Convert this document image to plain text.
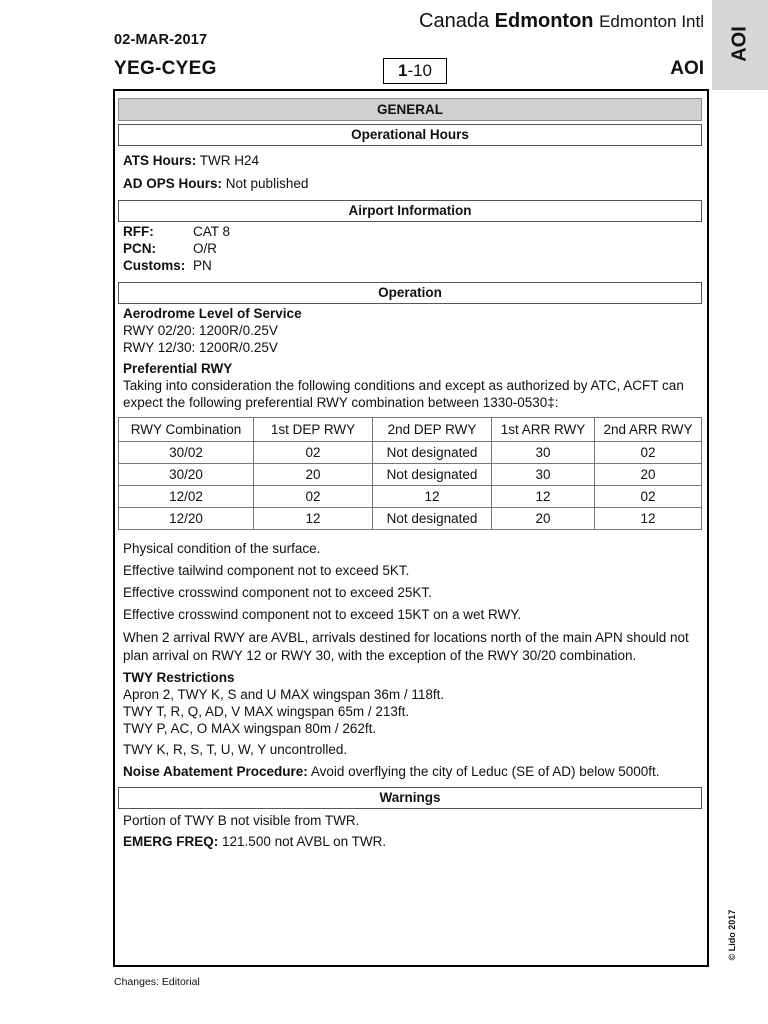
02-MAR-2017
YEG-CYEG
Canada Edmonton Edmonton Intl
1-10	AOI
AOI
© Lido 2017
GENERAL
Operational Hours
ATS Hours: TWR H24
AD OPS Hours: Not published
Airport Information
RFF:	CAT 8
PCN:	O/R
Customs: PN
Operation
Aerodrome Level of Service
RWY 02/20: 1200R/0.25V
RWY 12/30: 1200R/0.25V
Preferential RWY
Taking into consideration the following conditions and except as authorized by ATC, ACFT can expect the following preferential RWY combination between 1330-0530‡:
RWY Combination	1st DEP RWY	2nd DEP RWY	1st ARR RWY	2nd ARR RWY
30/02	02	Not designated	30	02
30/20	20	Not designated	30	20
12/02	02	12	12	02
12/20	12	Not designated	20	12
Physical condition of the surface.
Effective tailwind component not to exceed 5KT.
Effective crosswind component not to exceed 25KT.
Effective crosswind component not to exceed 15KT on a wet RWY.
When 2 arrival RWY are AVBL, arrivals destined for locations north of the main APN should not plan arrival on RWY 12 or RWY 30, with the exception of the RWY 30/20 combination.
TWY Restrictions
Apron 2, TWY K, S and U MAX wingspan 36m / 118ft.
TWY T, R, Q, AD, V MAX wingspan 65m / 213ft.
TWY P, AC, O MAX wingspan 80m / 262ft.
TWY K, R, S, T, U, W, Y uncontrolled.
Noise Abatement Procedure: Avoid overflying the city of Leduc (SE of AD) below 5000ft.
Warnings
Portion of TWY B not visible from TWR.
EMERG FREQ: 121.500 not AVBL on TWR.
Changes: Editorial
